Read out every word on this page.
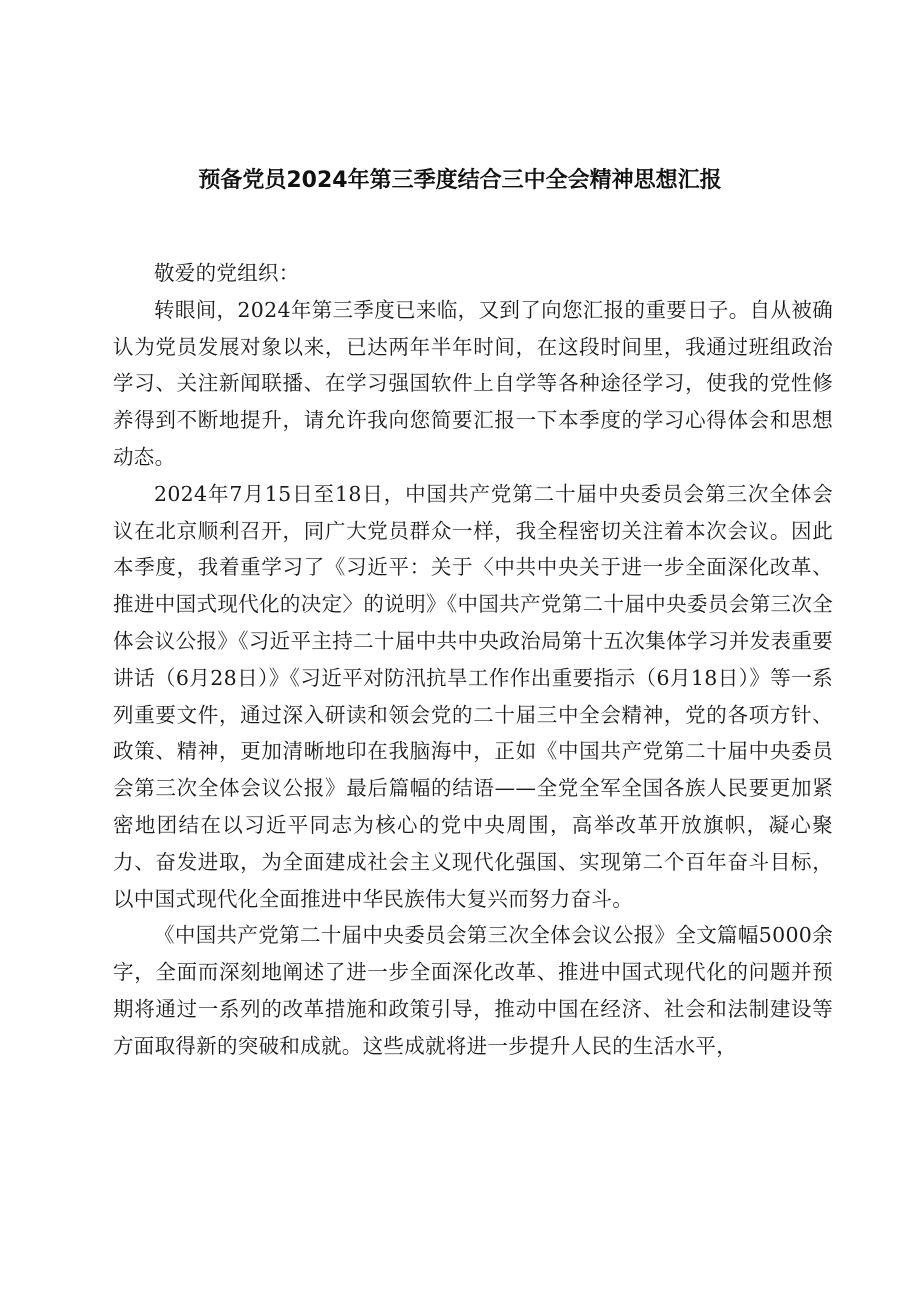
预备党员2024年第三季度结合三中全会精神思想汇报

敬爱的党组织：

转眼间，2024年第三季度已来临，又到了向您汇报的重要日子。自从被确认为党员发展对象以来，已达两年半年时间，在这段时间里，我通过班组政治学习、关注新闻联播、在学习强国软件上自学等各种途径学习，使我的党性修养得到不断地提升，请允许我向您简要汇报一下本季度的学习心得体会和思想动态。

2024年7月15日至18日，中国共产党第二十届中央委员会第三次全体会议在北京顺利召开，同广大党员群众一样，我全程密切关注着本次会议。因此本季度，我着重学习了《习近平：关于〈中共中央关于进一步全面深化改革、推进中国式现代化的决定〉的说明》《中国共产党第二十届中央委员会第三次全体会议公报》《习近平主持二十届中共中央政治局第十五次集体学习并发表重要讲话（6月28日）》《习近平对防汛抗旱工作作出重要指示（6月18日）》等一系列重要文件，通过深入研读和领会党的二十届三中全会精神，党的各项方针、政策、精神，更加清晰地印在我脑海中，正如《中国共产党第二十届中央委员会第三次全体会议公报》最后篇幅的结语——全党全军全国各族人民要更加紧密地团结在以习近平同志为核心的党中央周围，高举改革开放旗帜，凝心聚力、奋发进取，为全面建成社会主义现代化强国、实现第二个百年奋斗目标，以中国式现代化全面推进中华民族伟大复兴而努力奋斗。

《中国共产党第二十届中央委员会第三次全体会议公报》全文篇幅5000余字，全面而深刻地阐述了进一步全面深化改革、推进中国式现代化的问题并预期将通过一系列的改革措施和政策引导，推动中国在经济、社会和法制建设等方面取得新的突破和成就。这些成就将进一步提升人民的生活水平，
